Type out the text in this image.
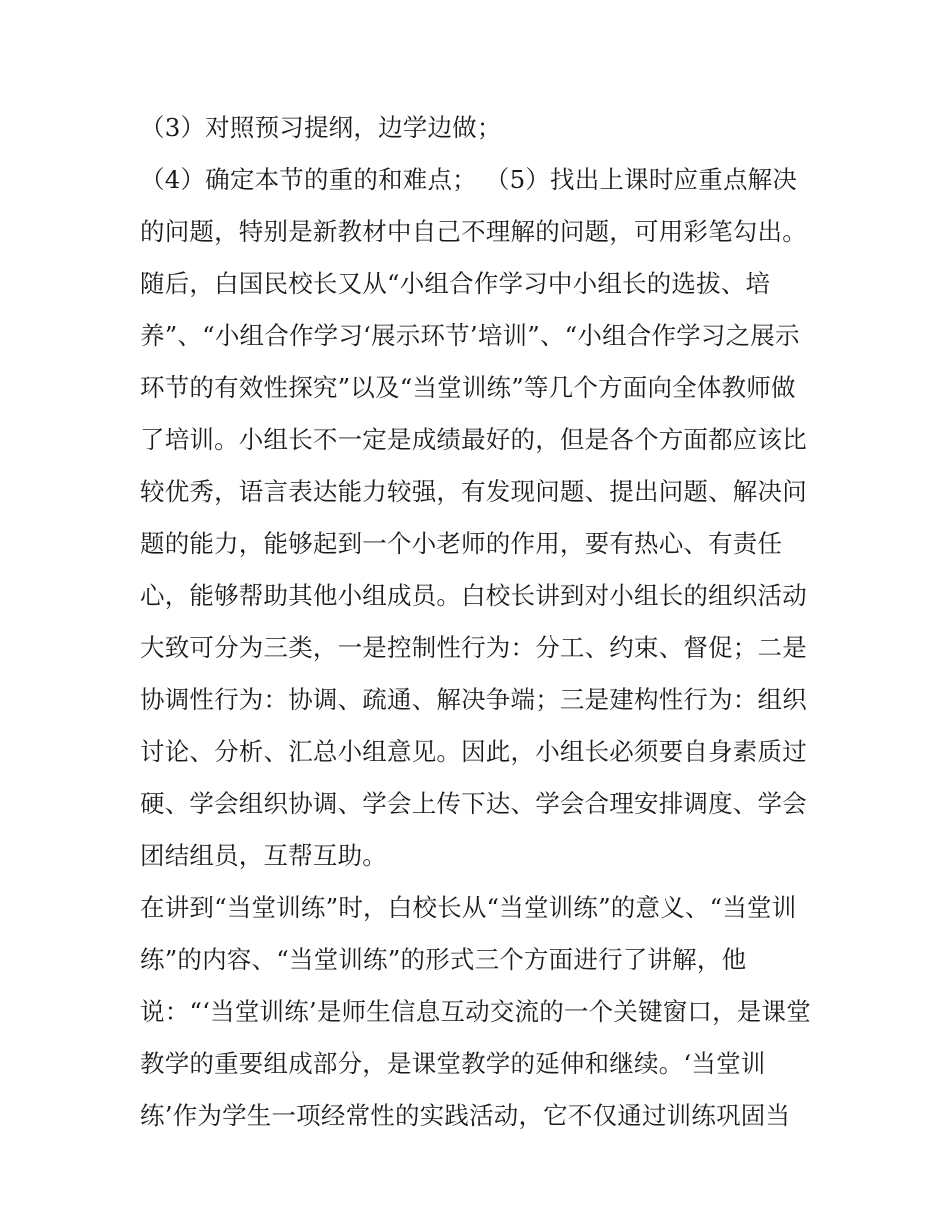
（3）对照预习提纲，边学边做；
（4）确定本节的重的和难点； （5）找出上课时应重点解决
的问题，特别是新教材中自己不理解的问题，可用彩笔勾出。
随后，白国民校长又从“小组合作学习中小组长的选拔、培
养”、“小组合作学习‘展示环节’培训”、“小组合作学习之展示
环节的有效性探究”以及“当堂训练”等几个方面向全体教师做
了培训。小组长不一定是成绩最好的，但是各个方面都应该比
较优秀，语言表达能力较强，有发现问题、提出问题、解决问
题的能力，能够起到一个小老师的作用，要有热心、有责任
心，能够帮助其他小组成员。白校长讲到对小组长的组织活动
大致可分为三类，一是控制性行为：分工、约束、督促；二是
协调性行为：协调、疏通、解决争端；三是建构性行为：组织
讨论、分析、汇总小组意见。因此，小组长必须要自身素质过
硬、学会组织协调、学会上传下达、学会合理安排调度、学会
团结组员，互帮互助。
在讲到“当堂训练”时，白校长从“当堂训练”的意义、“当堂训
练”的内容、“当堂训练”的形式三个方面进行了讲解，他
说：“‘当堂训练’是师生信息互动交流的一个关键窗口，是课堂
教学的重要组成部分，是课堂教学的延伸和继续。‘当堂训
练’作为学生一项经常性的实践活动，它不仅通过训练巩固当
